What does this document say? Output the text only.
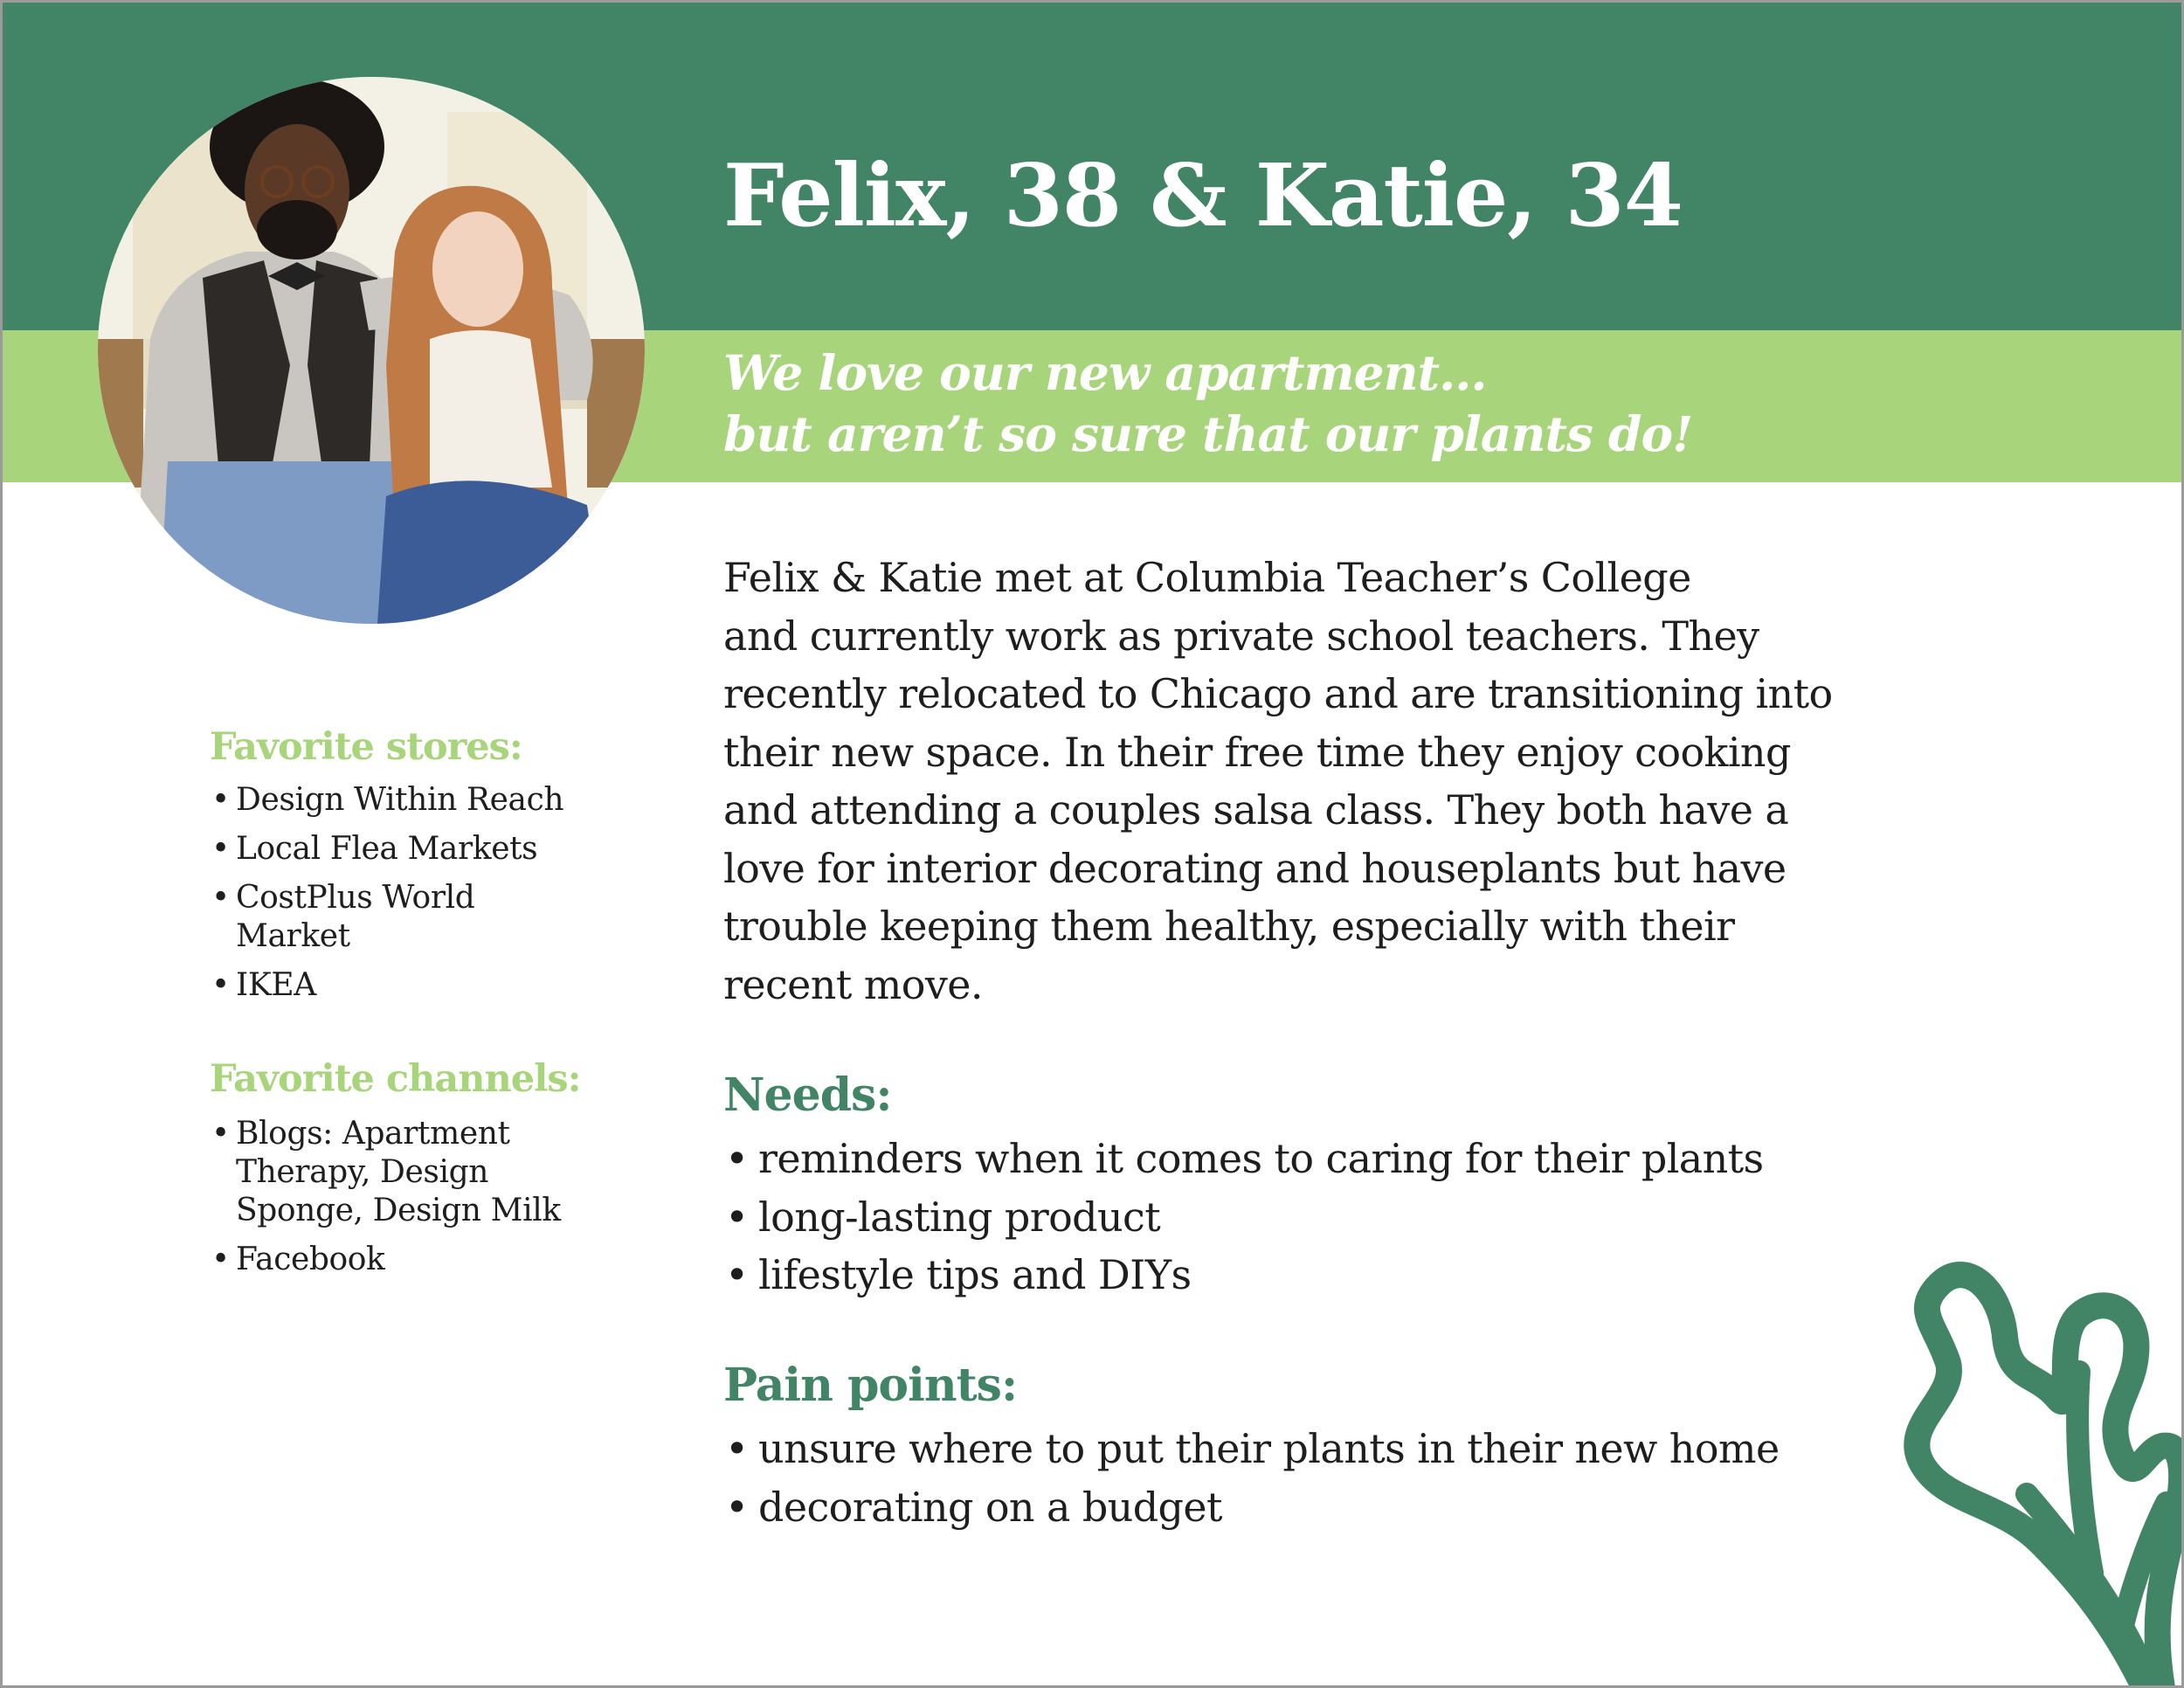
Felix, 38 & Katie, 34

We love our new apartment...
but aren’t so sure that our plants do!

Felix & Katie met at Columbia Teacher’s College
and currently work as private school teachers. They
recently relocated to Chicago and are transitioning into
their new space. In their free time they enjoy cooking
and attending a couples salsa class. They both have a
love for interior decorating and houseplants but have
trouble keeping them healthy, especially with their
recent move.

Needs:
• reminders when it comes to caring for their plants
• long-lasting product
• lifestyle tips and DIYs
Pain points:
• unsure where to put their plants in their new home
• decorating on a budget
Favorite stores:
• Design Within Reach
• Local Flea Markets
• CostPlus World
Market
• IKEA
Favorite channels:
• Blogs: Apartment
Therapy, Design
Sponge, Design Milk
• Facebook
